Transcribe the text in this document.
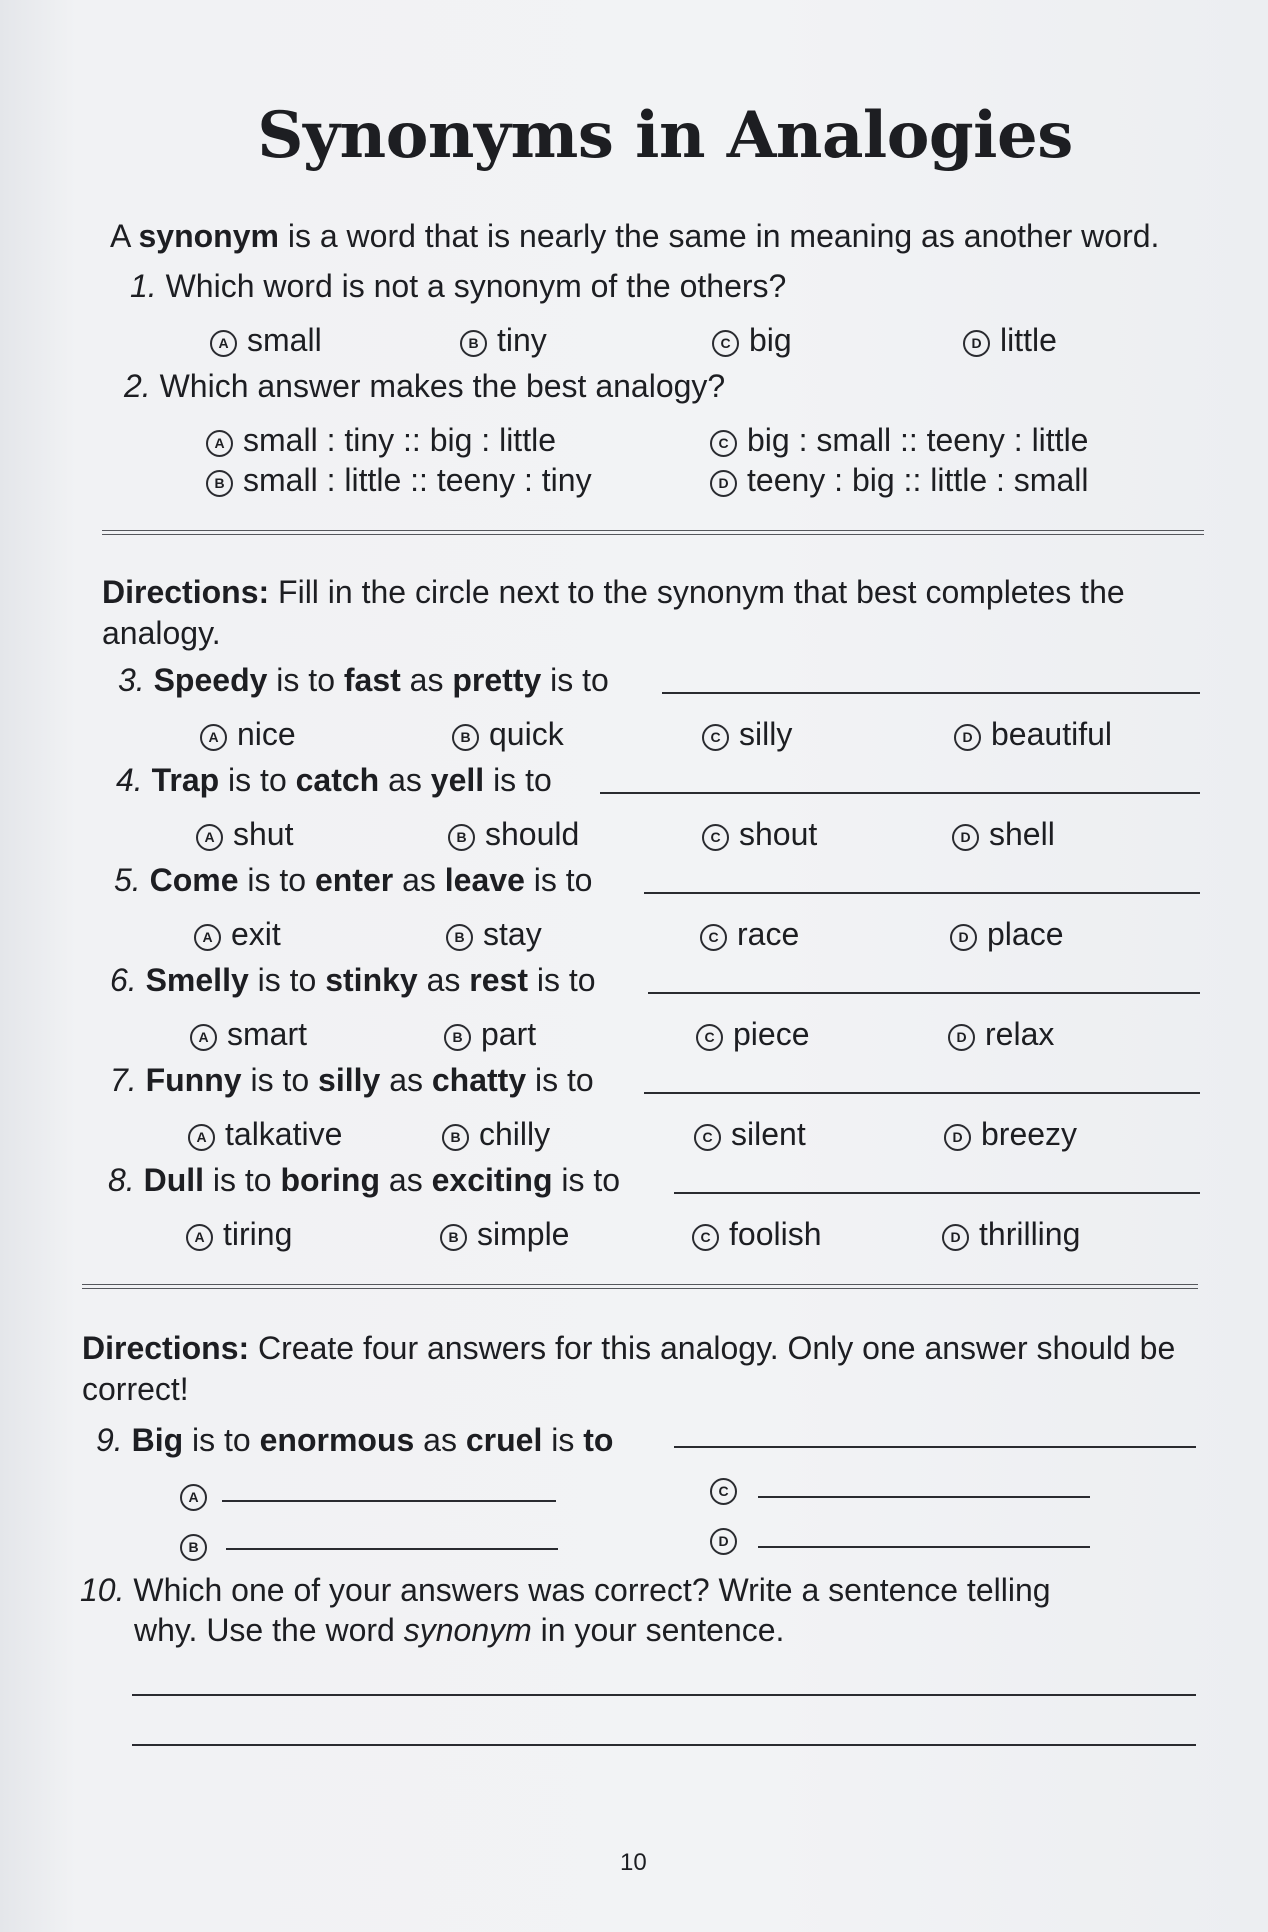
Synonyms in Analogies
A synonym is a word that is nearly the same in meaning as another word.
1. Which word is not a synonym of the others?
A small	B tiny	C big	D little
2. Which answer makes the best analogy?
A small : tiny :: big : little
B small : little :: teeny : tiny
C big : small :: teeny : little
D teeny : big :: little : small
Directions: Fill in the circle next to the synonym that best completes the analogy.
3. Speedy is to fast as pretty is to
A nice	B quick	C silly	D beautiful
4. Trap is to catch as yell is to
A shut	B should	C shout	D shell
5. Come is to enter as leave is to
A exit	B stay	C race	D place
6. Smelly is to stinky as rest is to
A smart	B part	C piece	D relax
7. Funny is to silly as chatty is to
A talkative	B chilly	C silent	D breezy
8. Dull is to boring as exciting is to
A tiring	B simple	C foolish	D thrilling
Directions: Create four answers for this analogy. Only one answer should be correct!
9. Big is to enormous as cruel is to
A	C
B	D
10. Which one of your answers was correct? Write a sentence telling
why. Use the word synonym in your sentence.
10
